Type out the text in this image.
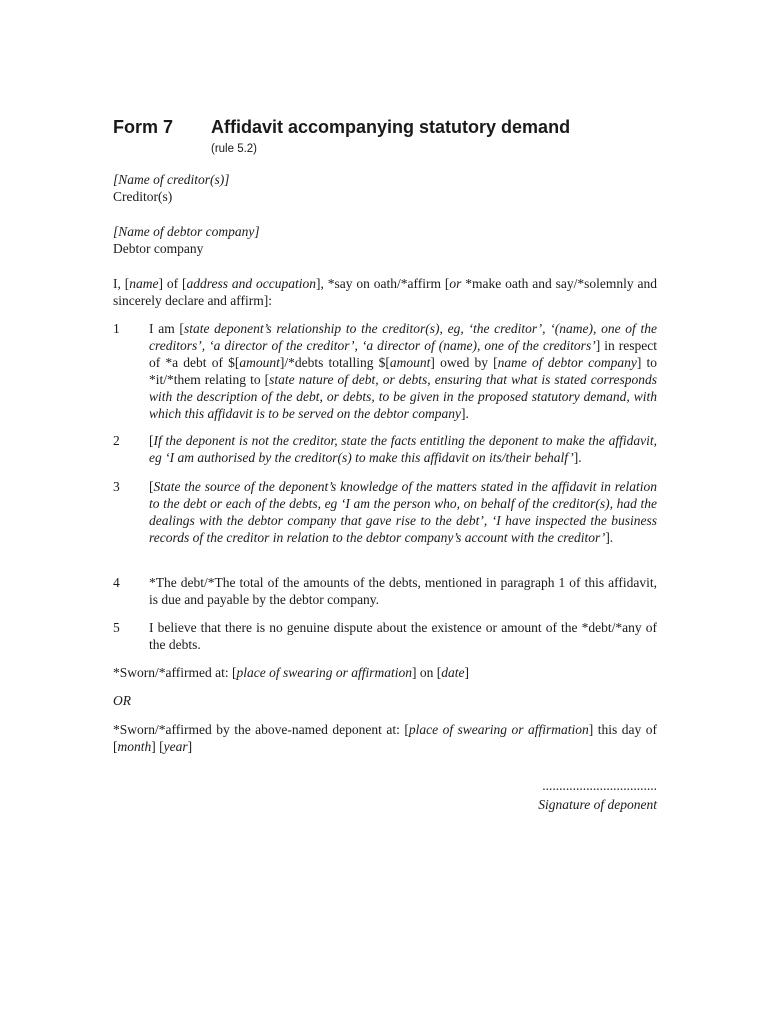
Form 7 Affidavit accompanying statutory demand
(rule 5.2)
[Name of creditor(s)]
Creditor(s)
[Name of debtor company]
Debtor company
I, [name] of [address and occupation], *say on oath/*affirm [or *make oath and say/*solemnly and sincerely declare and affirm]:
1 I am [state deponent’s relationship to the creditor(s), eg, ‘the creditor’, ‘(name), one of the creditors’, ‘a director of the creditor’, ‘a director of (name), one of the creditors’] in respect of *a debt of $[amount]/*debts totalling $[amount] owed by [name of debtor company] to *it/*them relating to [state nature of debt, or debts, ensuring that what is stated corresponds with the description of the debt, or debts, to be given in the proposed statutory demand, with which this affidavit is to be served on the debtor company].
2 [If the deponent is not the creditor, state the facts entitling the deponent to make the affidavit, eg ‘I am authorised by the creditor(s) to make this affidavit on its/their behalf’].
3 [State the source of the deponent’s knowledge of the matters stated in the affidavit in relation to the debt or each of the debts, eg ‘I am the person who, on behalf of the creditor(s), had the dealings with the debtor company that gave rise to the debt’, ‘I have inspected the business records of the creditor in relation to the debtor company’s account with the creditor’].
4 *The debt/*The total of the amounts of the debts, mentioned in paragraph 1 of this affidavit, is due and payable by the debtor company.
5 I believe that there is no genuine dispute about the existence or amount of the *debt/*any of the debts.
*Sworn/*affirmed at: [place of swearing or affirmation] on [date]
OR
*Sworn/*affirmed by the above-named deponent at: [place of swearing or affirmation] this day of [month] [year]
..................................
Signature of deponent
